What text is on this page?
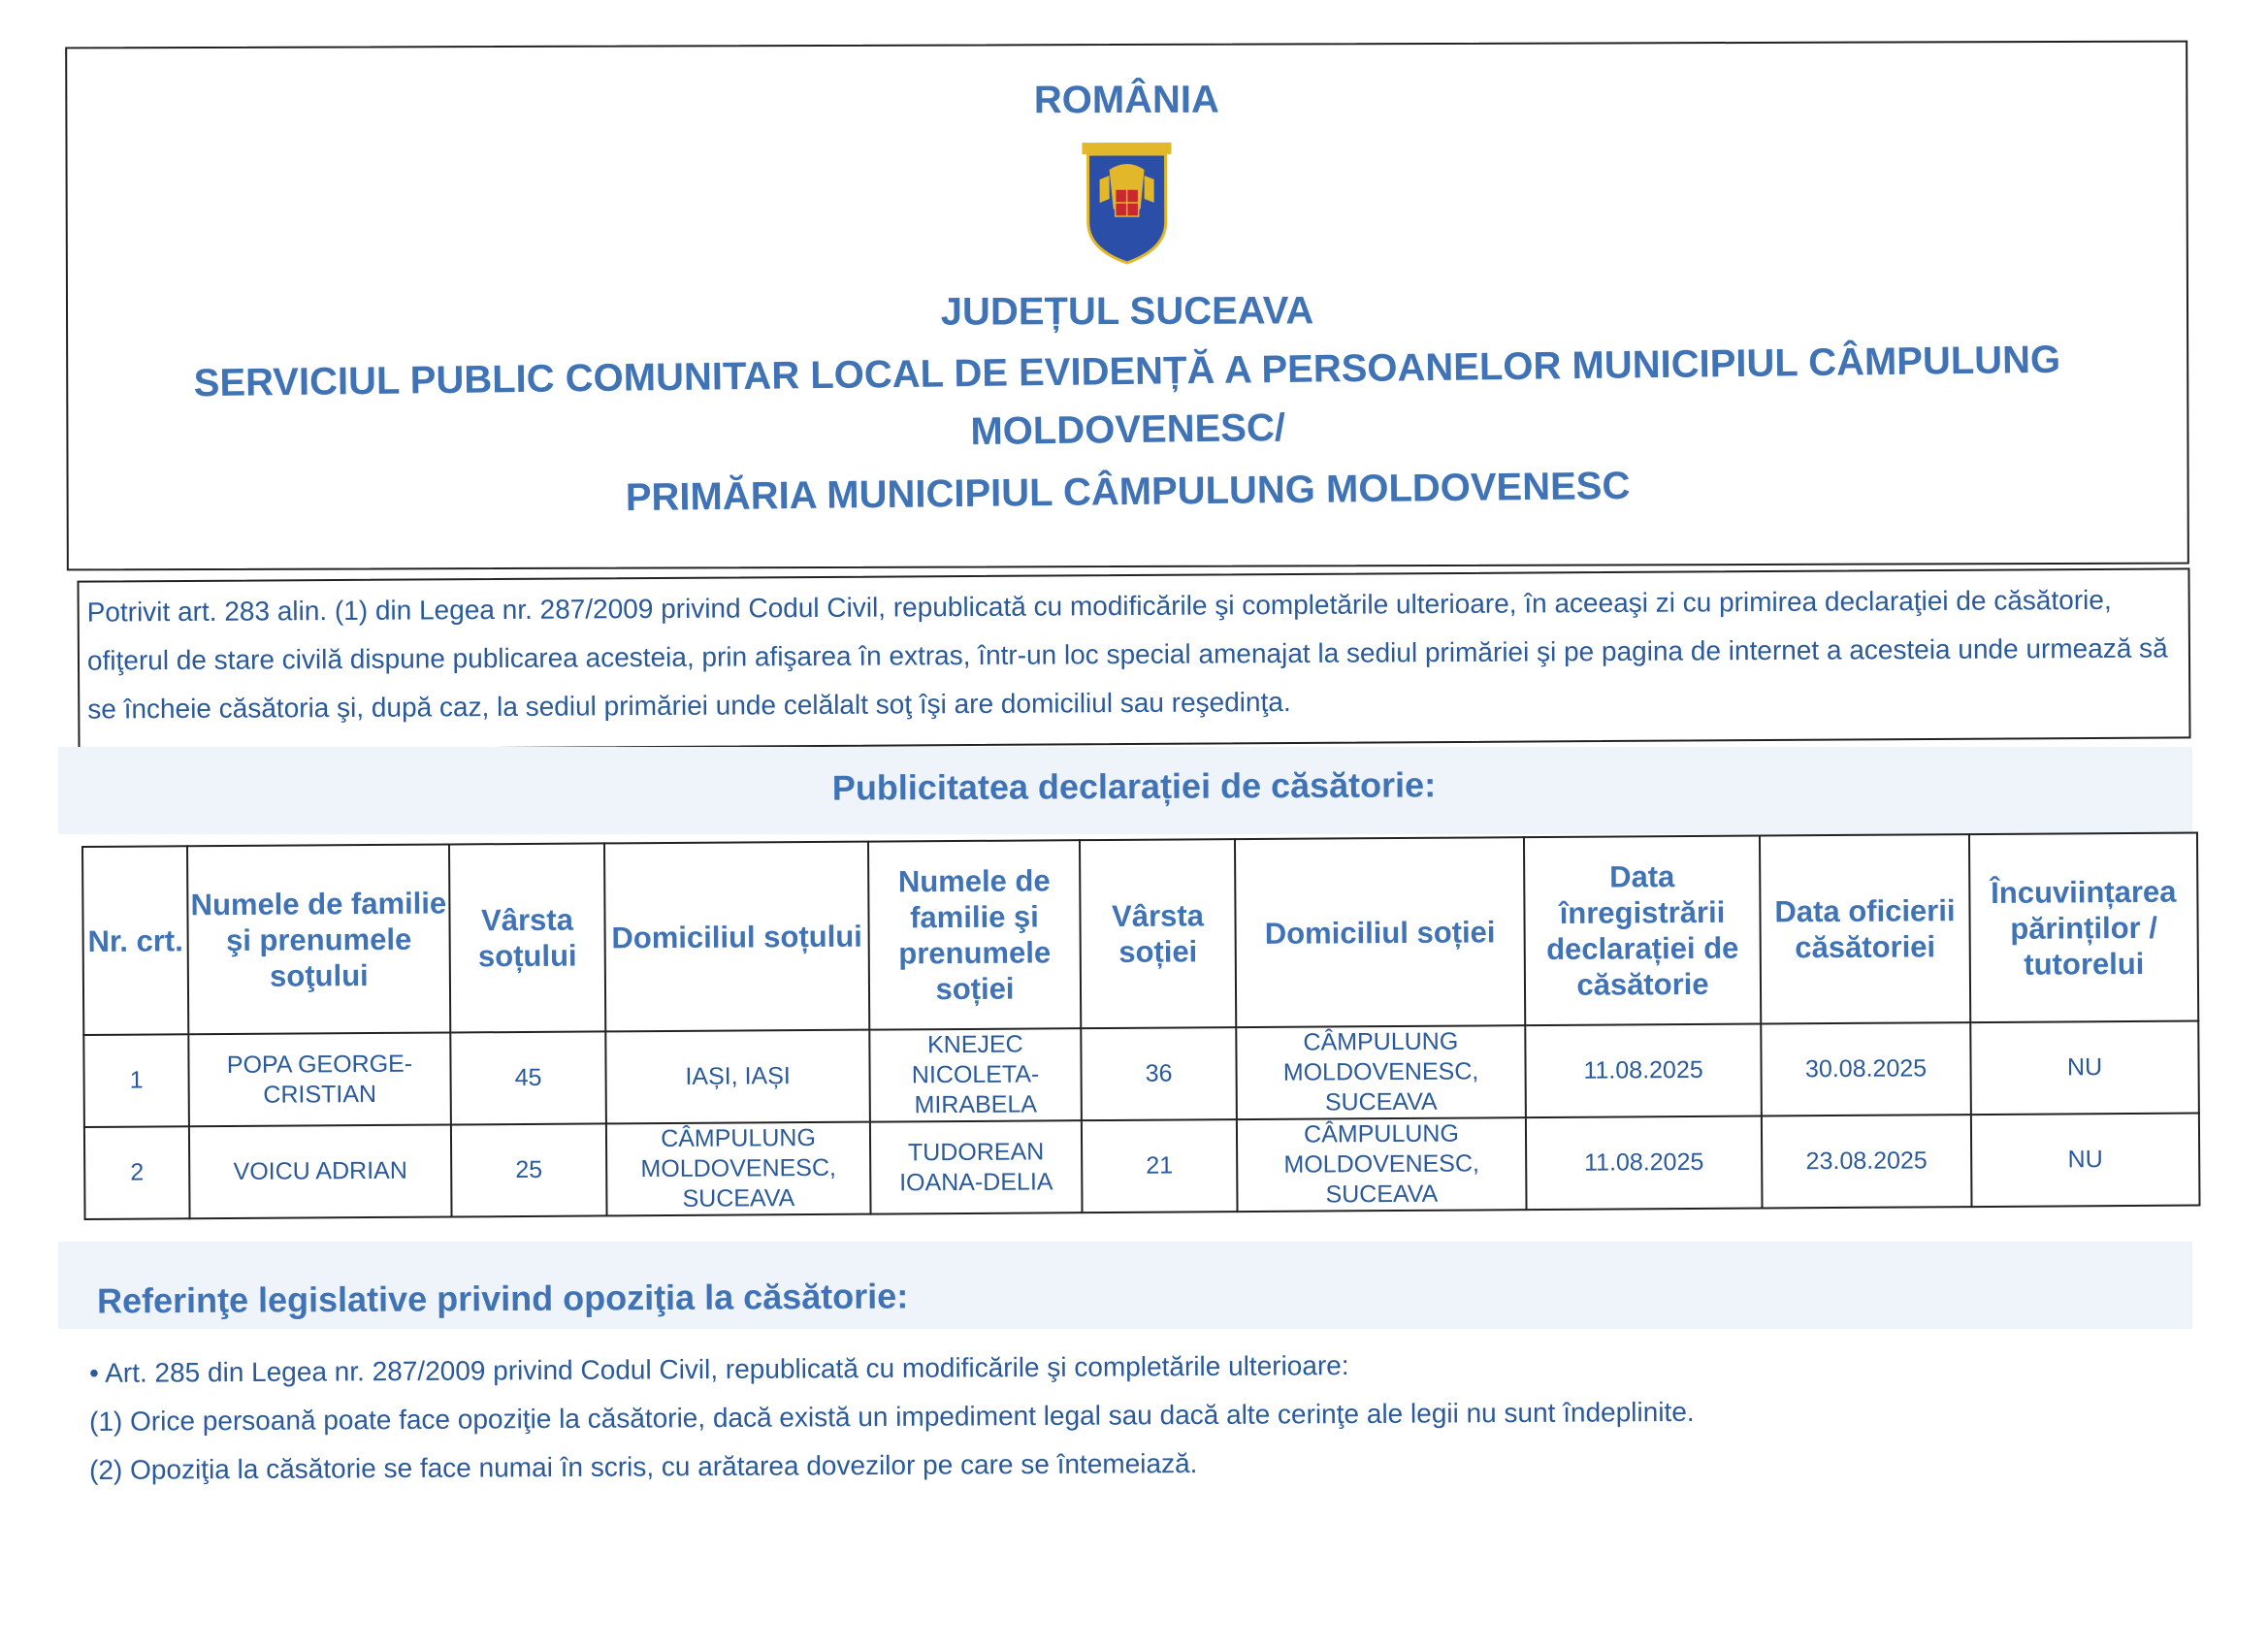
ROMÂNIA
JUDEȚUL SUCEAVA
SERVICIUL PUBLIC COMUNITAR LOCAL DE EVIDENȚĂ A PERSOANELOR MUNICIPIUL CÂMPULUNG MOLDOVENESC/
PRIMĂRIA MUNICIPIUL CÂMPULUNG MOLDOVENESC
Potrivit art. 283 alin. (1) din Legea nr. 287/2009 privind Codul Civil, republicată cu modificările şi completările ulterioare, în aceeaşi zi cu primirea declaraţiei de căsătorie, ofiţerul de stare civilă dispune publicarea acesteia, prin afişarea în extras, într-un loc special amenajat la sediul primăriei şi pe pagina de internet a acesteia unde urmează să se încheie căsătoria şi, după caz, la sediul primăriei unde celălalt soţ îşi are domiciliul sau reşedinţa.
Publicitatea declarației de căsătorie:
Nr. crt.	Numele de familie şi prenumele soţului	Vârsta soțului	Domiciliul soțului	Numele de familie şi prenumele soției	Vârsta soției	Domiciliul soției	Data înregistrării declarației de căsătorie	Data oficierii căsătoriei	Încuviințarea părinților / tutorelui
1	POPA GEORGE-CRISTIAN	45	IAȘI, IAȘI	KNEJEC NICOLETA-MIRABELA	36	CÂMPULUNG MOLDOVENESC, SUCEAVA	11.08.2025	30.08.2025	NU
2	VOICU ADRIAN	25	CÂMPULUNG MOLDOVENESC, SUCEAVA	TUDOREAN IOANA-DELIA	21	CÂMPULUNG MOLDOVENESC, SUCEAVA	11.08.2025	23.08.2025	NU
Referinţe legislative privind opoziţia la căsătorie:
• Art. 285 din Legea nr. 287/2009 privind Codul Civil, republicată cu modificările şi completările ulterioare:
(1) Orice persoană poate face opoziţie la căsătorie, dacă există un impediment legal sau dacă alte cerinţe ale legii nu sunt îndeplinite.
(2) Opoziţia la căsătorie se face numai în scris, cu arătarea dovezilor pe care se întemeiază.
